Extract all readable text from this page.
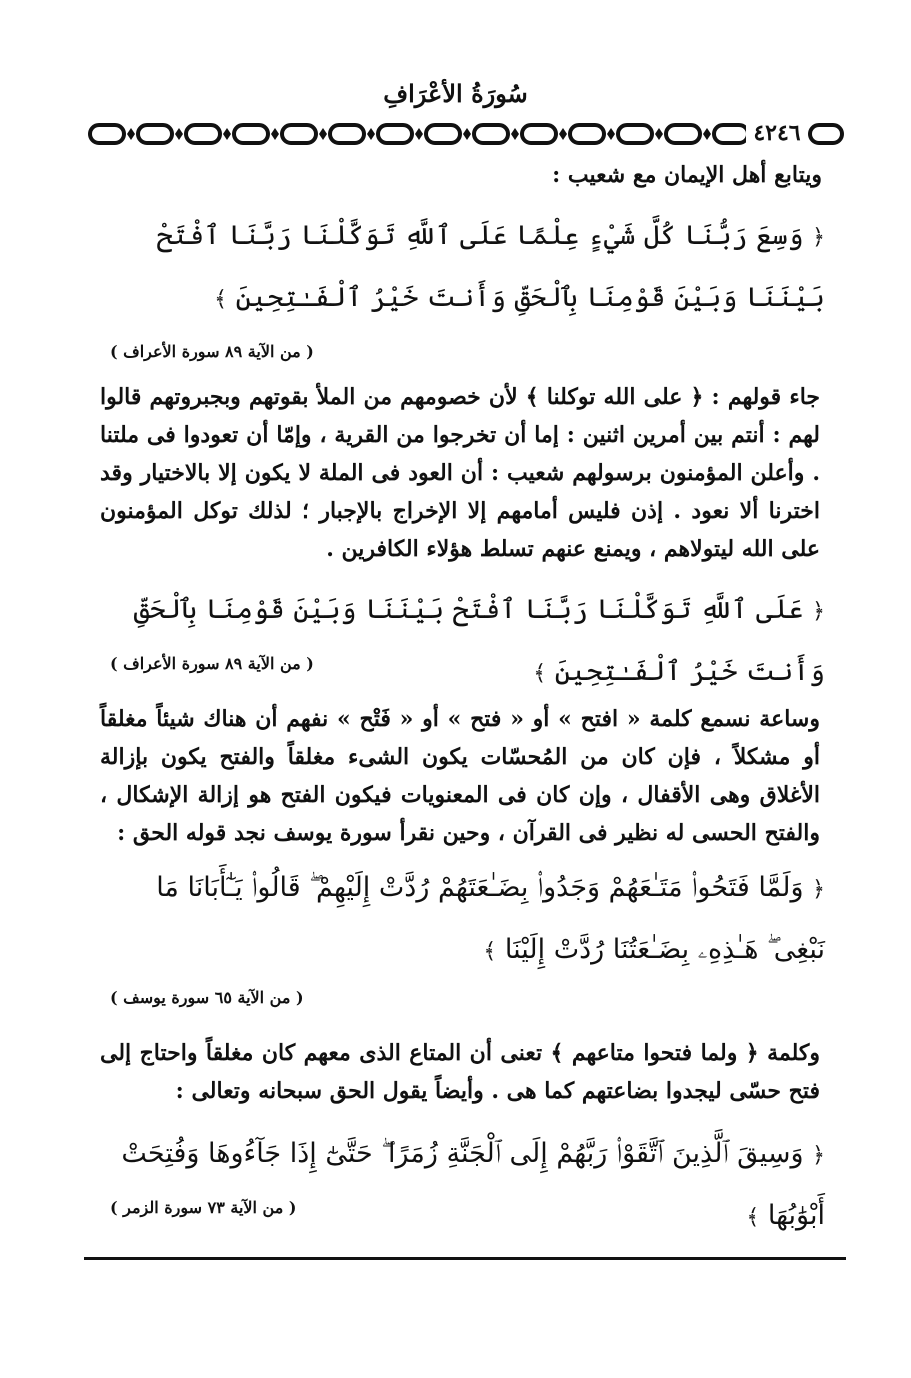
سُورَةُ الأعْرَافِ
٤٢٤٦

ويتابع أهل الإيمان مع شعيب :

﴿ وَسِعَ رَبُّنَا كُلَّ شَيْءٍ عِلْمًا عَلَى ٱللَّهِ تَوَكَّلْنَا رَبَّنَا ٱفْتَحْ بَيْنَنَا وَبَيْنَ قَوْمِنَا بِٱلْحَقِّ وَأَنتَ خَيْرُ ٱلْفَـٰتِحِينَ ﴾

( من الآية ٨٩ سورة الأعراف )

جاء قولهم : ﴿ على الله توكلنا ﴾ لأن خصومهم من الملأ بقوتهم وبجبروتهم قالوا لهم : أنتم بين أمرين اثنين : إما أن تخرجوا من القرية ، وإمّا أن تعودوا فى ملتنا . وأعلن المؤمنون برسولهم شعيب : أن العود فى الملة لا يكون إلا بالاختيار وقد اخترنا ألا نعود . إذن فليس أمامهم إلا الإخراج بالإجبار ؛ لذلك توكل المؤمنون على الله ليتولاهم ، ويمنع عنهم تسلط هؤلاء الكافرين .

﴿ عَلَى ٱللَّهِ تَوَكَّلْنَا رَبَّنَا ٱفْتَحْ بَيْنَنَا وَبَيْنَ قَوْمِنَا بِٱلْحَقِّ وَأَنتَ خَيْرُ ٱلْفَـٰتِحِينَ ﴾

( من الآية ٨٩ سورة الأعراف )

وساعة نسمع كلمة « افتح » أو « فتح » أو « فَتْح » نفهم أن هناك شيئاً مغلقاً أو مشكلاً ، فإن كان من المُحسّات يكون الشىء مغلقاً والفتح يكون بإزالة الأغلاق وهى الأقفال ، وإن كان فى المعنويات فيكون الفتح هو إزالة الإشكال ، والفتح الحسى له نظير فى القرآن ، وحين نقرأ سورة يوسف نجد قوله الحق :

﴿ وَلَمَّا فَتَحُوا۟ مَتَـٰعَهُمْ وَجَدُوا۟ بِضَـٰعَتَهُمْ رُدَّتْ إِلَيْهِمْ ۖ قَالُوا۟ يَـٰٓأَبَانَا مَا نَبْغِى ۖ هَـٰذِهِۦ بِضَـٰعَتُنَا رُدَّتْ إِلَيْنَا ﴾

( من الآية ٦٥ سورة يوسف )

وكلمة ﴿ ولما فتحوا متاعهم ﴾ تعنى أن المتاع الذى معهم كان مغلقاً واحتاج إلى فتح حسّى ليجدوا بضاعتهم كما هى . وأيضاً يقول الحق سبحانه وتعالى :

﴿ وَسِيقَ ٱلَّذِينَ ٱتَّقَوْا۟ رَبَّهُمْ إِلَى ٱلْجَنَّةِ زُمَرًا ۖ حَتَّىٰٓ إِذَا جَآءُوهَا وَفُتِحَتْ أَبْوَٰبُهَا ﴾

( من الآية ٧٣ سورة الزمر )
